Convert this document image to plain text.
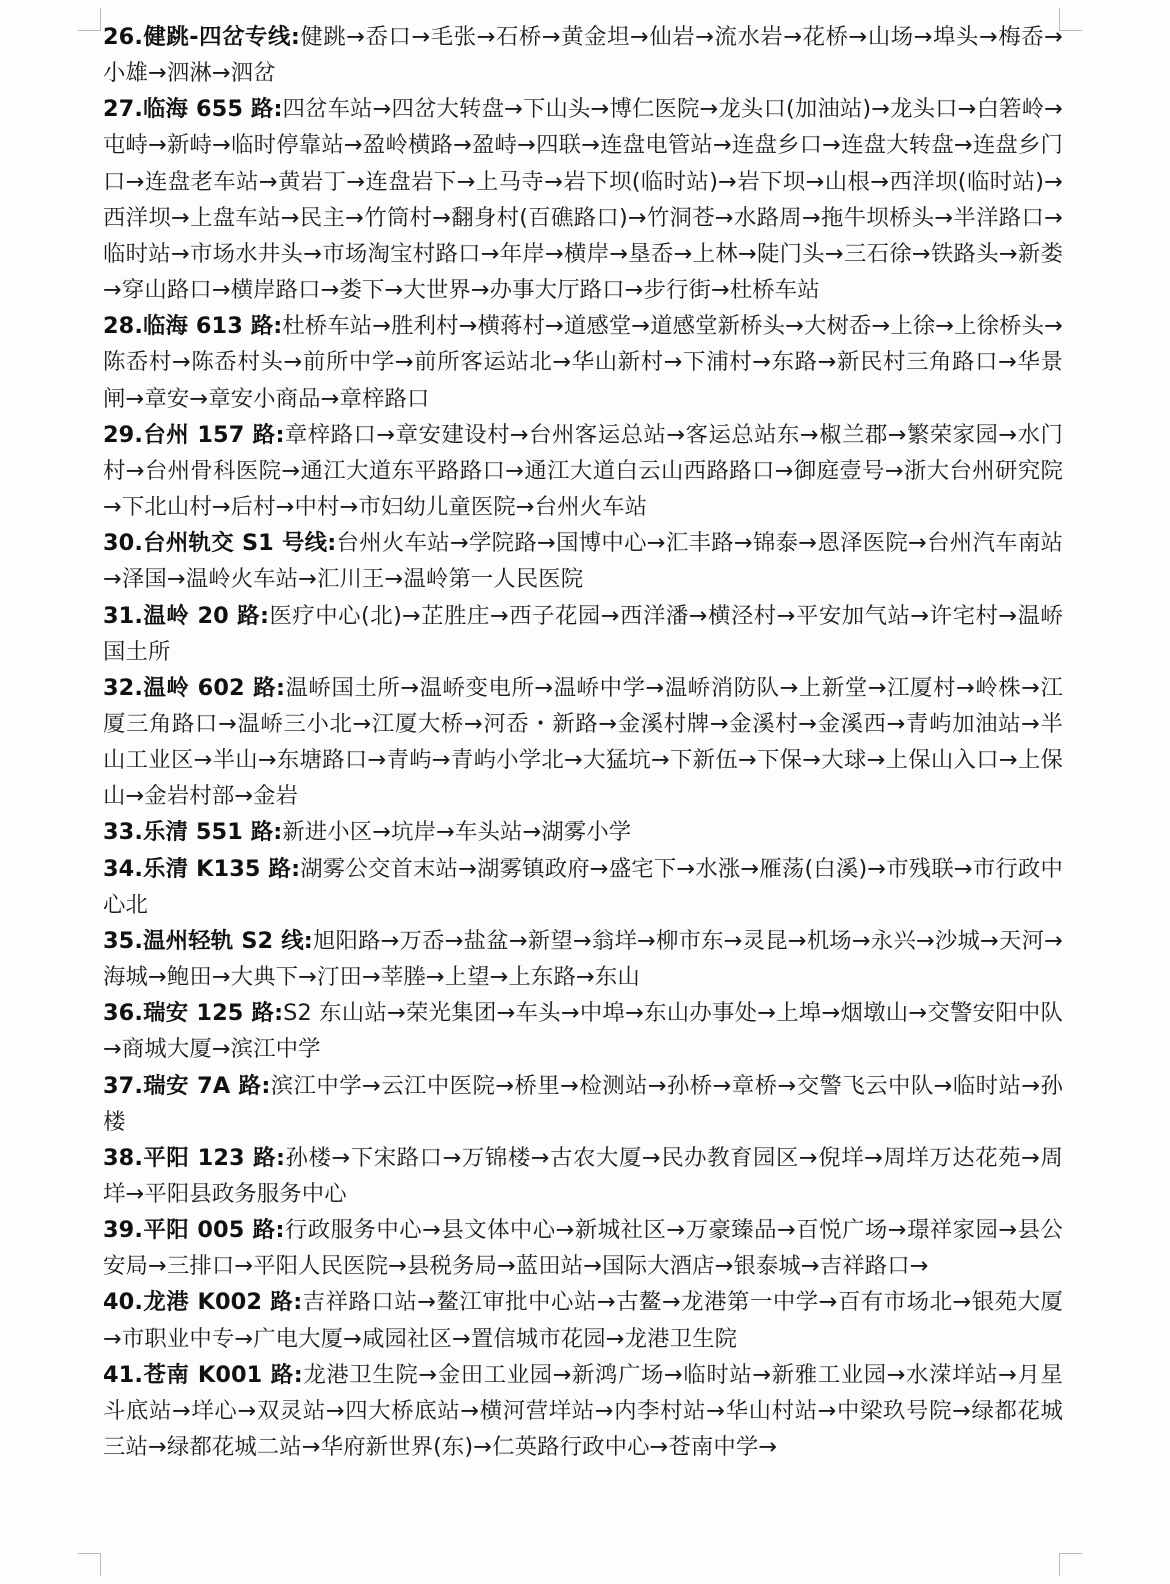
26.健跳-四岔专线:健跳→岙口→毛张→石桥→黄金坦→仙岩→流水岩→花桥→山场→埠头→梅岙→小雄→泗淋→泗岔

27.临海 655 路:四岔车站→四岔大转盘→下山头→博仁医院→龙头口(加油站)→龙头口→白箬岭→屯峙→新峙→临时停靠站→盈岭横路→盈峙→四联→连盘电管站→连盘乡口→连盘大转盘→连盘乡门口→连盘老车站→黄岩丁→连盘岩下→上马寺→岩下坝(临时站)→岩下坝→山根→西洋坝(临时站)→西洋坝→上盘车站→民主→竹筒村→翻身村(百礁路口)→竹洞苍→水路周→拖牛坝桥头→半洋路口→临时站→市场水井头→市场淘宝村路口→年岸→横岸→垦岙→上林→陡门头→三石徐→铁路头→新娄→穿山路口→横岸路口→娄下→大世界→办事大厅路口→步行街→杜桥车站

28.临海 613 路:杜桥车站→胜利村→横蒋村→道感堂→道感堂新桥头→大树岙→上徐→上徐桥头→陈岙村→陈岙村头→前所中学→前所客运站北→华山新村→下浦村→东路→新民村三角路口→华景闸→章安→章安小商品→章梓路口

29.台州 157 路:章梓路口→章安建设村→台州客运总站→客运总站东→椒兰郡→繁荣家园→水门村→台州骨科医院→通江大道东平路路口→通江大道白云山西路路口→御庭壹号→浙大台州研究院→下北山村→后村→中村→市妇幼儿童医院→台州火车站

30.台州轨交 S1 号线:台州火车站→学院路→国博中心→汇丰路→锦泰→恩泽医院→台州汽车南站→泽国→温岭火车站→汇川王→温岭第一人民医院

31.温岭 20 路:医疗中心(北)→芷胜庄→西子花园→西洋潘→横泾村→平安加气站→许宅村→温峤国土所

32.温岭 602 路:温峤国土所→温峤变电所→温峤中学→温峤消防队→上新堂→江厦村→岭株→江厦三角路口→温峤三小北→江厦大桥→河岙・新路→金溪村牌→金溪村→金溪西→青屿加油站→半山工业区→半山→东塘路口→青屿→青屿小学北→大猛坑→下新伍→下保→大球→上保山入口→上保山→金岩村部→金岩

33.乐清 551 路:新进小区→坑岸→车头站→湖雾小学

34.乐清 K135 路:湖雾公交首末站→湖雾镇政府→盛宅下→水涨→雁荡(白溪)→市残联→市行政中心北

35.温州轻轨 S2 线:旭阳路→万岙→盐盆→新望→翁垟→柳市东→灵昆→机场→永兴→沙城→天河→海城→鲍田→大典下→汀田→莘塍→上望→上东路→东山

36.瑞安 125 路:S2 东山站→荣光集团→车头→中埠→东山办事处→上埠→烟墩山→交警安阳中队→商城大厦→滨江中学

37.瑞安 7A 路:滨江中学→云江中医院→桥里→检测站→孙桥→章桥→交警飞云中队→临时站→孙楼

38.平阳 123 路:孙楼→下宋路口→万锦楼→古农大厦→民办教育园区→倪垟→周垟万达花苑→周垟→平阳县政务服务中心

39.平阳 005 路:行政服务中心→县文体中心→新城社区→万豪臻品→百悦广场→璟祥家园→县公安局→三排口→平阳人民医院→县税务局→蓝田站→国际大酒店→银泰城→吉祥路口→

40.龙港 K002 路:吉祥路口站→鳌江审批中心站→古鳌→龙港第一中学→百有市场北→银苑大厦→市职业中专→广电大厦→咸园社区→置信城市花园→龙港卫生院

41.苍南 K001 路:龙港卫生院→金田工业园→新鸿广场→临时站→新雅工业园→水溁垟站→月星斗底站→垟心→双灵站→四大桥底站→横河营垟站→内李村站→华山村站→中梁玖号院→绿都花城三站→绿都花城二站→华府新世界(东)→仁英路行政中心→苍南中学→
